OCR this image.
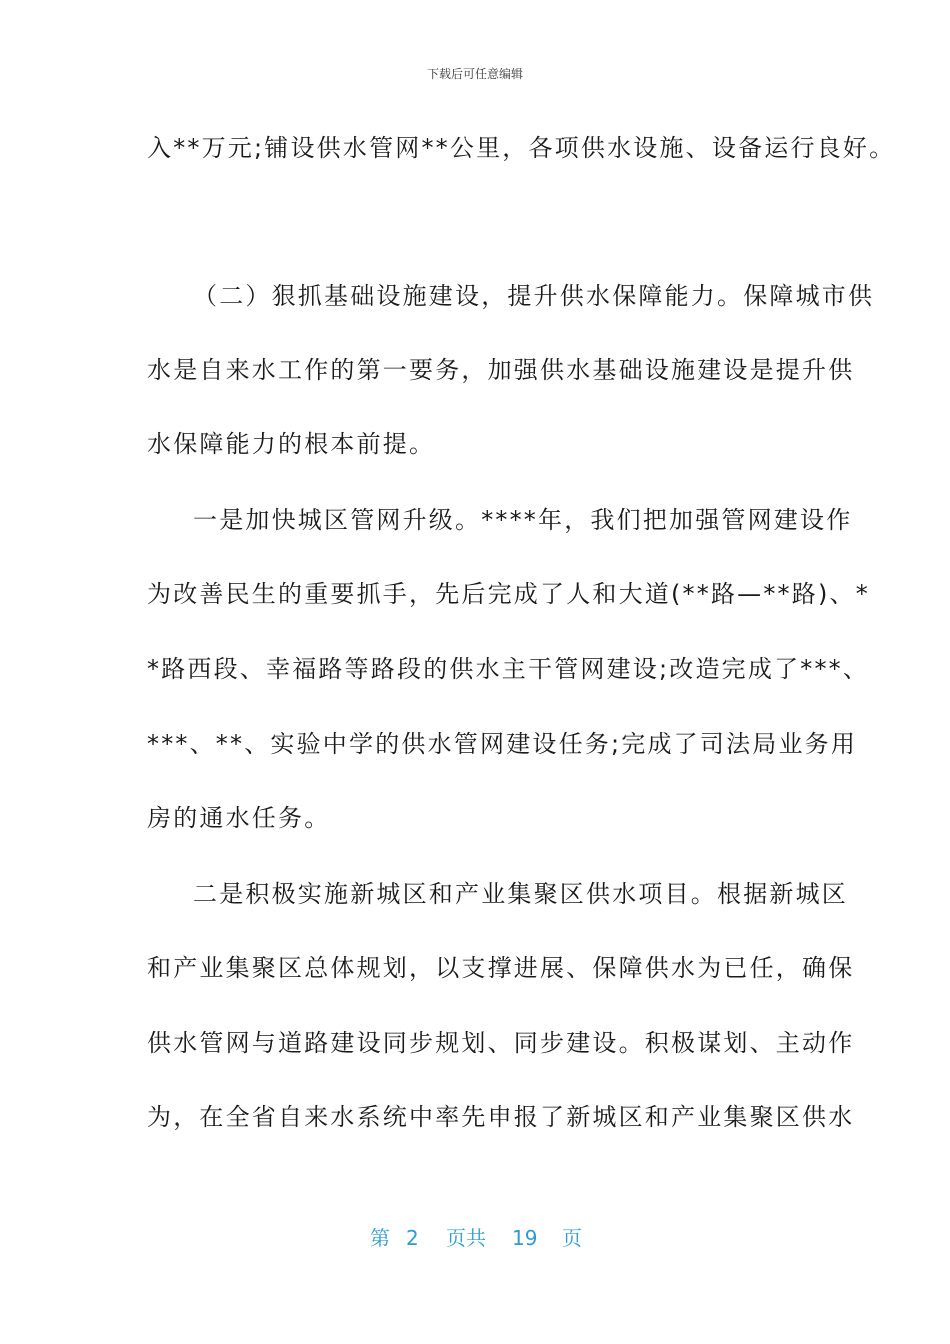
下载后可任意编辑
入**万元;铺设供水管网**公里，各项供水设施、设备运行良好。
（二）狠抓基础设施建设，提升供水保障能力。保障城市供
水是自来水工作的第一要务，加强供水基础设施建设是提升供
水保障能力的根本前提。
一是加快城区管网升级。****年，我们把加强管网建设作
为改善民生的重要抓手，先后完成了人和大道(**路—**路)、*
*路西段、幸福路等路段的供水主干管网建设;改造完成了***、
***、**、实验中学的供水管网建设任务;完成了司法局业务用
房的通水任务。
二是积极实施新城区和产业集聚区供水项目。根据新城区
和产业集聚区总体规划，以支撑进展、保障供水为已任，确保
供水管网与道路建设同步规划、同步建设。积极谋划、主动作
为，在全省自来水系统中率先申报了新城区和产业集聚区供水
第 2 页共 19 页
